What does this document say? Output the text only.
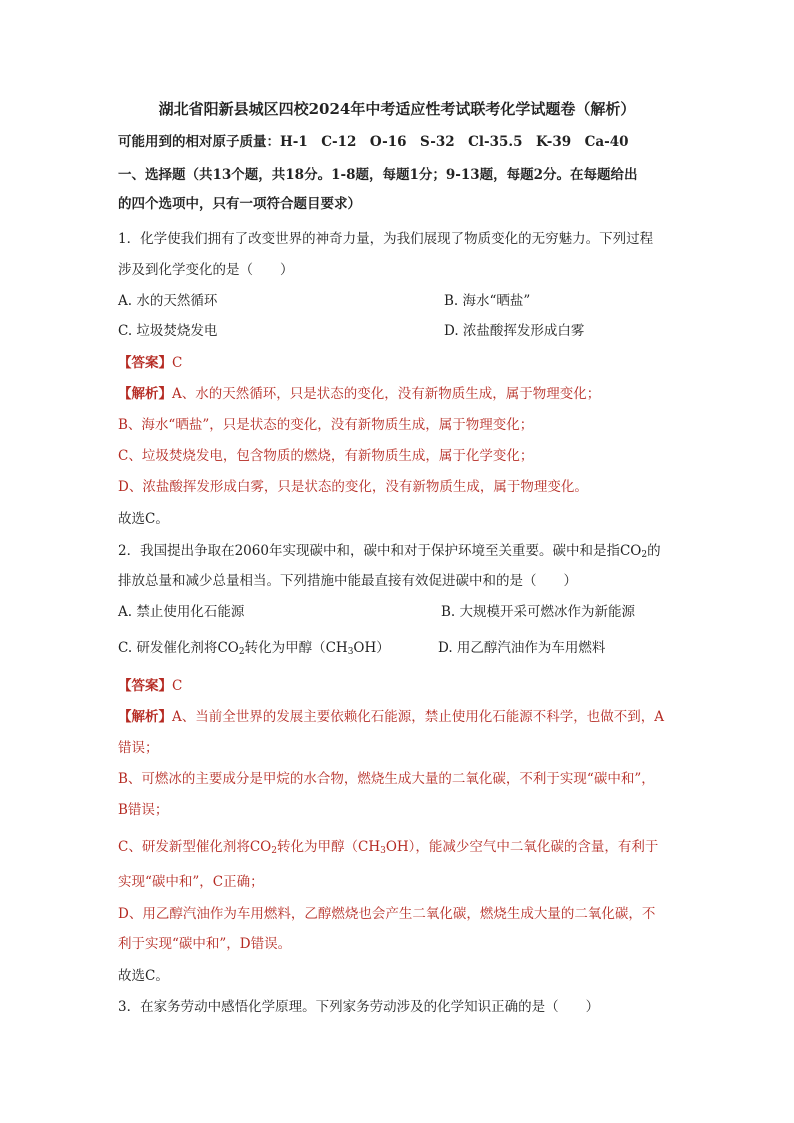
湖北省阳新县城区四校2024年中考适应性考试联考化学试题卷（解析）
可能用到的相对原子质量：H-1　C-12　O-16　S-32　Cl-35.5　K-39　Ca-40
一、选择题（共13个题，共18分。1-8题，每题1分；9-13题，每题2分。在每题给出
的四个选项中，只有一项符合题目要求）
1．化学使我们拥有了改变世界的神奇力量，为我们展现了物质变化的无穷魅力。下列过程
涉及到化学变化的是（　　）
A. 水的天然循环	B. 海水“晒盐”
C. 垃圾焚烧发电	D. 浓盐酸挥发形成白雾
【答案】C
【解析】A、水的天然循环，只是状态的变化，没有新物质生成，属于物理变化；
B、海水“晒盐”，只是状态的变化，没有新物质生成，属于物理变化；
C、垃圾焚烧发电，包含物质的燃烧，有新物质生成，属于化学变化；
D、浓盐酸挥发形成白雾，只是状态的变化，没有新物质生成，属于物理变化。
故选C。
2．我国提出争取在2060年实现碳中和，碳中和对于保护环境至关重要。碳中和是指$CO_2$的
排放总量和减少总量相当。下列措施中能最直接有效促进碳中和的是（　　）
A. 禁止使用化石能源	B. 大规模开采可燃冰作为新能源
C. 研发催化剂将$CO_2$转化为甲醇$(CH_3OH)$	D. 用乙醇汽油作为车用燃料
【答案】C
【解析】A、当前全世界的发展主要依赖化石能源，禁止使用化石能源不科学，也做不到，A
错误；
B、可燃冰的主要成分是甲烷的水合物，燃烧生成大量的二氧化碳，不利于实现“碳中和”，
B错误；
C、研发新型催化剂将$CO_2$转化为甲醇$(CH_3OH)$，能减少空气中二氧化碳的含量，有利于
实现“碳中和”，C正确；
D、用乙醇汽油作为车用燃料，乙醇燃烧也会产生二氧化碳，燃烧生成大量的二氧化碳，不
利于实现“碳中和”，D错误。
故选C。
3．在家务劳动中感悟化学原理。下列家务劳动涉及的化学知识正确的是（　　）
